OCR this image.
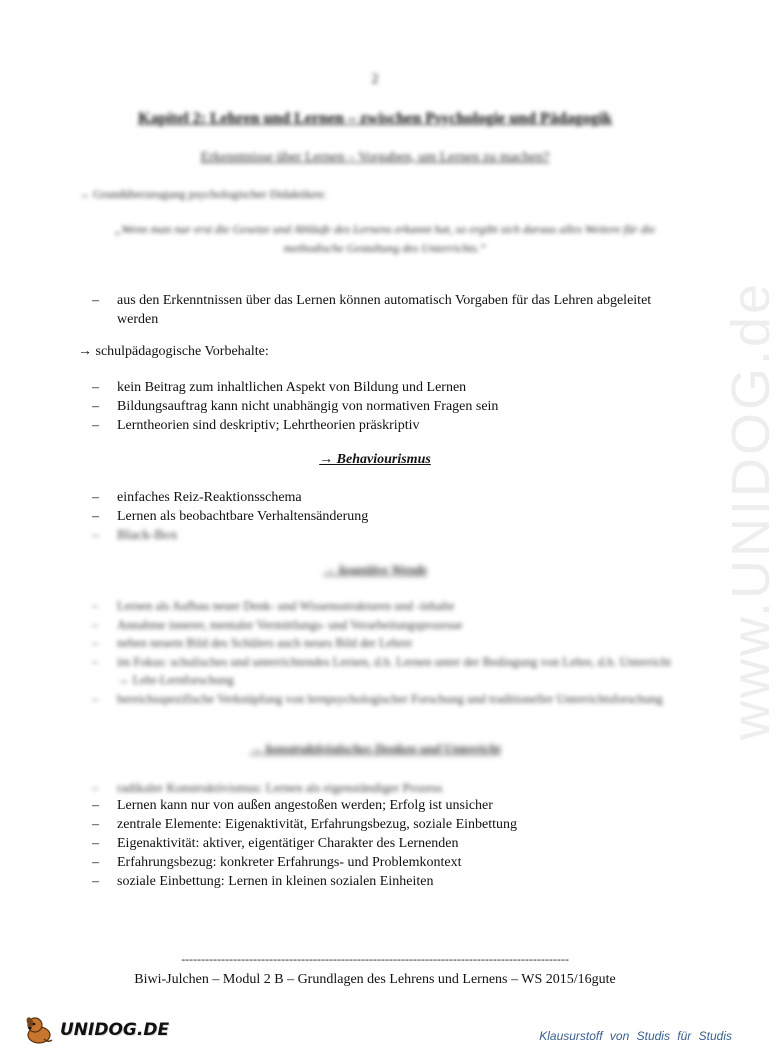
2
Kapitel 2: Lehren und Lernen – zwischen Psychologie und Pädagogik
Erkenntnisse über Lernen – Vorgaben, um Lernen zu machen?
→ Grundüberzeugung psychologischer Didaktiken:
„Wenn man nur erst die Gesetze und Abläufe des Lernens erkannt hat, so ergibt sich daraus alles Weitere für die methodische Gestaltung des Unterrichts.“
– aus den Erkenntnissen über das Lernen können automatisch Vorgaben für das Lehren abgeleitet werden
→ schulpädagogische Vorbehalte:
– kein Beitrag zum inhaltlichen Aspekt von Bildung und Lernen
– Bildungsauftrag kann nicht unabhängig von normativen Fragen sein
– Lerntheorien sind deskriptiv; Lehrtheorien präskriptiv
→ Behaviourismus
– einfaches Reiz-Reaktionsschema
– Lernen als beobachtbare Verhaltensänderung
– Black-Box
→ kognitive Wende
– Lernen als Aufbau neuer Denk- und Wissensstrukturen und -inhalte
– Annahme innerer, mentaler Vermittlungs- und Verarbeitungsprozesse
– neben neuem Bild des Schülers auch neues Bild der Lehrer
– im Fokus: schulisches und unterrichtendes Lernen, d.h. Lernen unter der Bedingung von Lehre, d.h. Unterricht → Lehr-Lernforschung
– bereichsspezifische Verknüpfung von lernpsychologischer Forschung und traditioneller Unterrichtsforschung
→ konstruktivistisches Denken und Unterricht
– radikaler Konstruktivismus: Lernen als eigenständiger Prozess
– Lernen kann nur von außen angestoßen werden; Erfolg ist unsicher
– zentrale Elemente: Eigenaktivität, Erfahrungsbezug, soziale Einbettung
– Eigenaktivität: aktiver, eigentätiger Charakter des Lernenden
– Erfahrungsbezug: konkreter Erfahrungs- und Problemkontext
– soziale Einbettung: Lernen in kleinen sozialen Einheiten
-------------------------------------------------------------------------------------------------
Biwi-Julchen – Modul 2 B – Grundlagen des Lehrens und Lernens – WS 2015/16gute
www.UNIDOG.de
UNIDOG.DE	Klausurstoff von Studis für Studis
